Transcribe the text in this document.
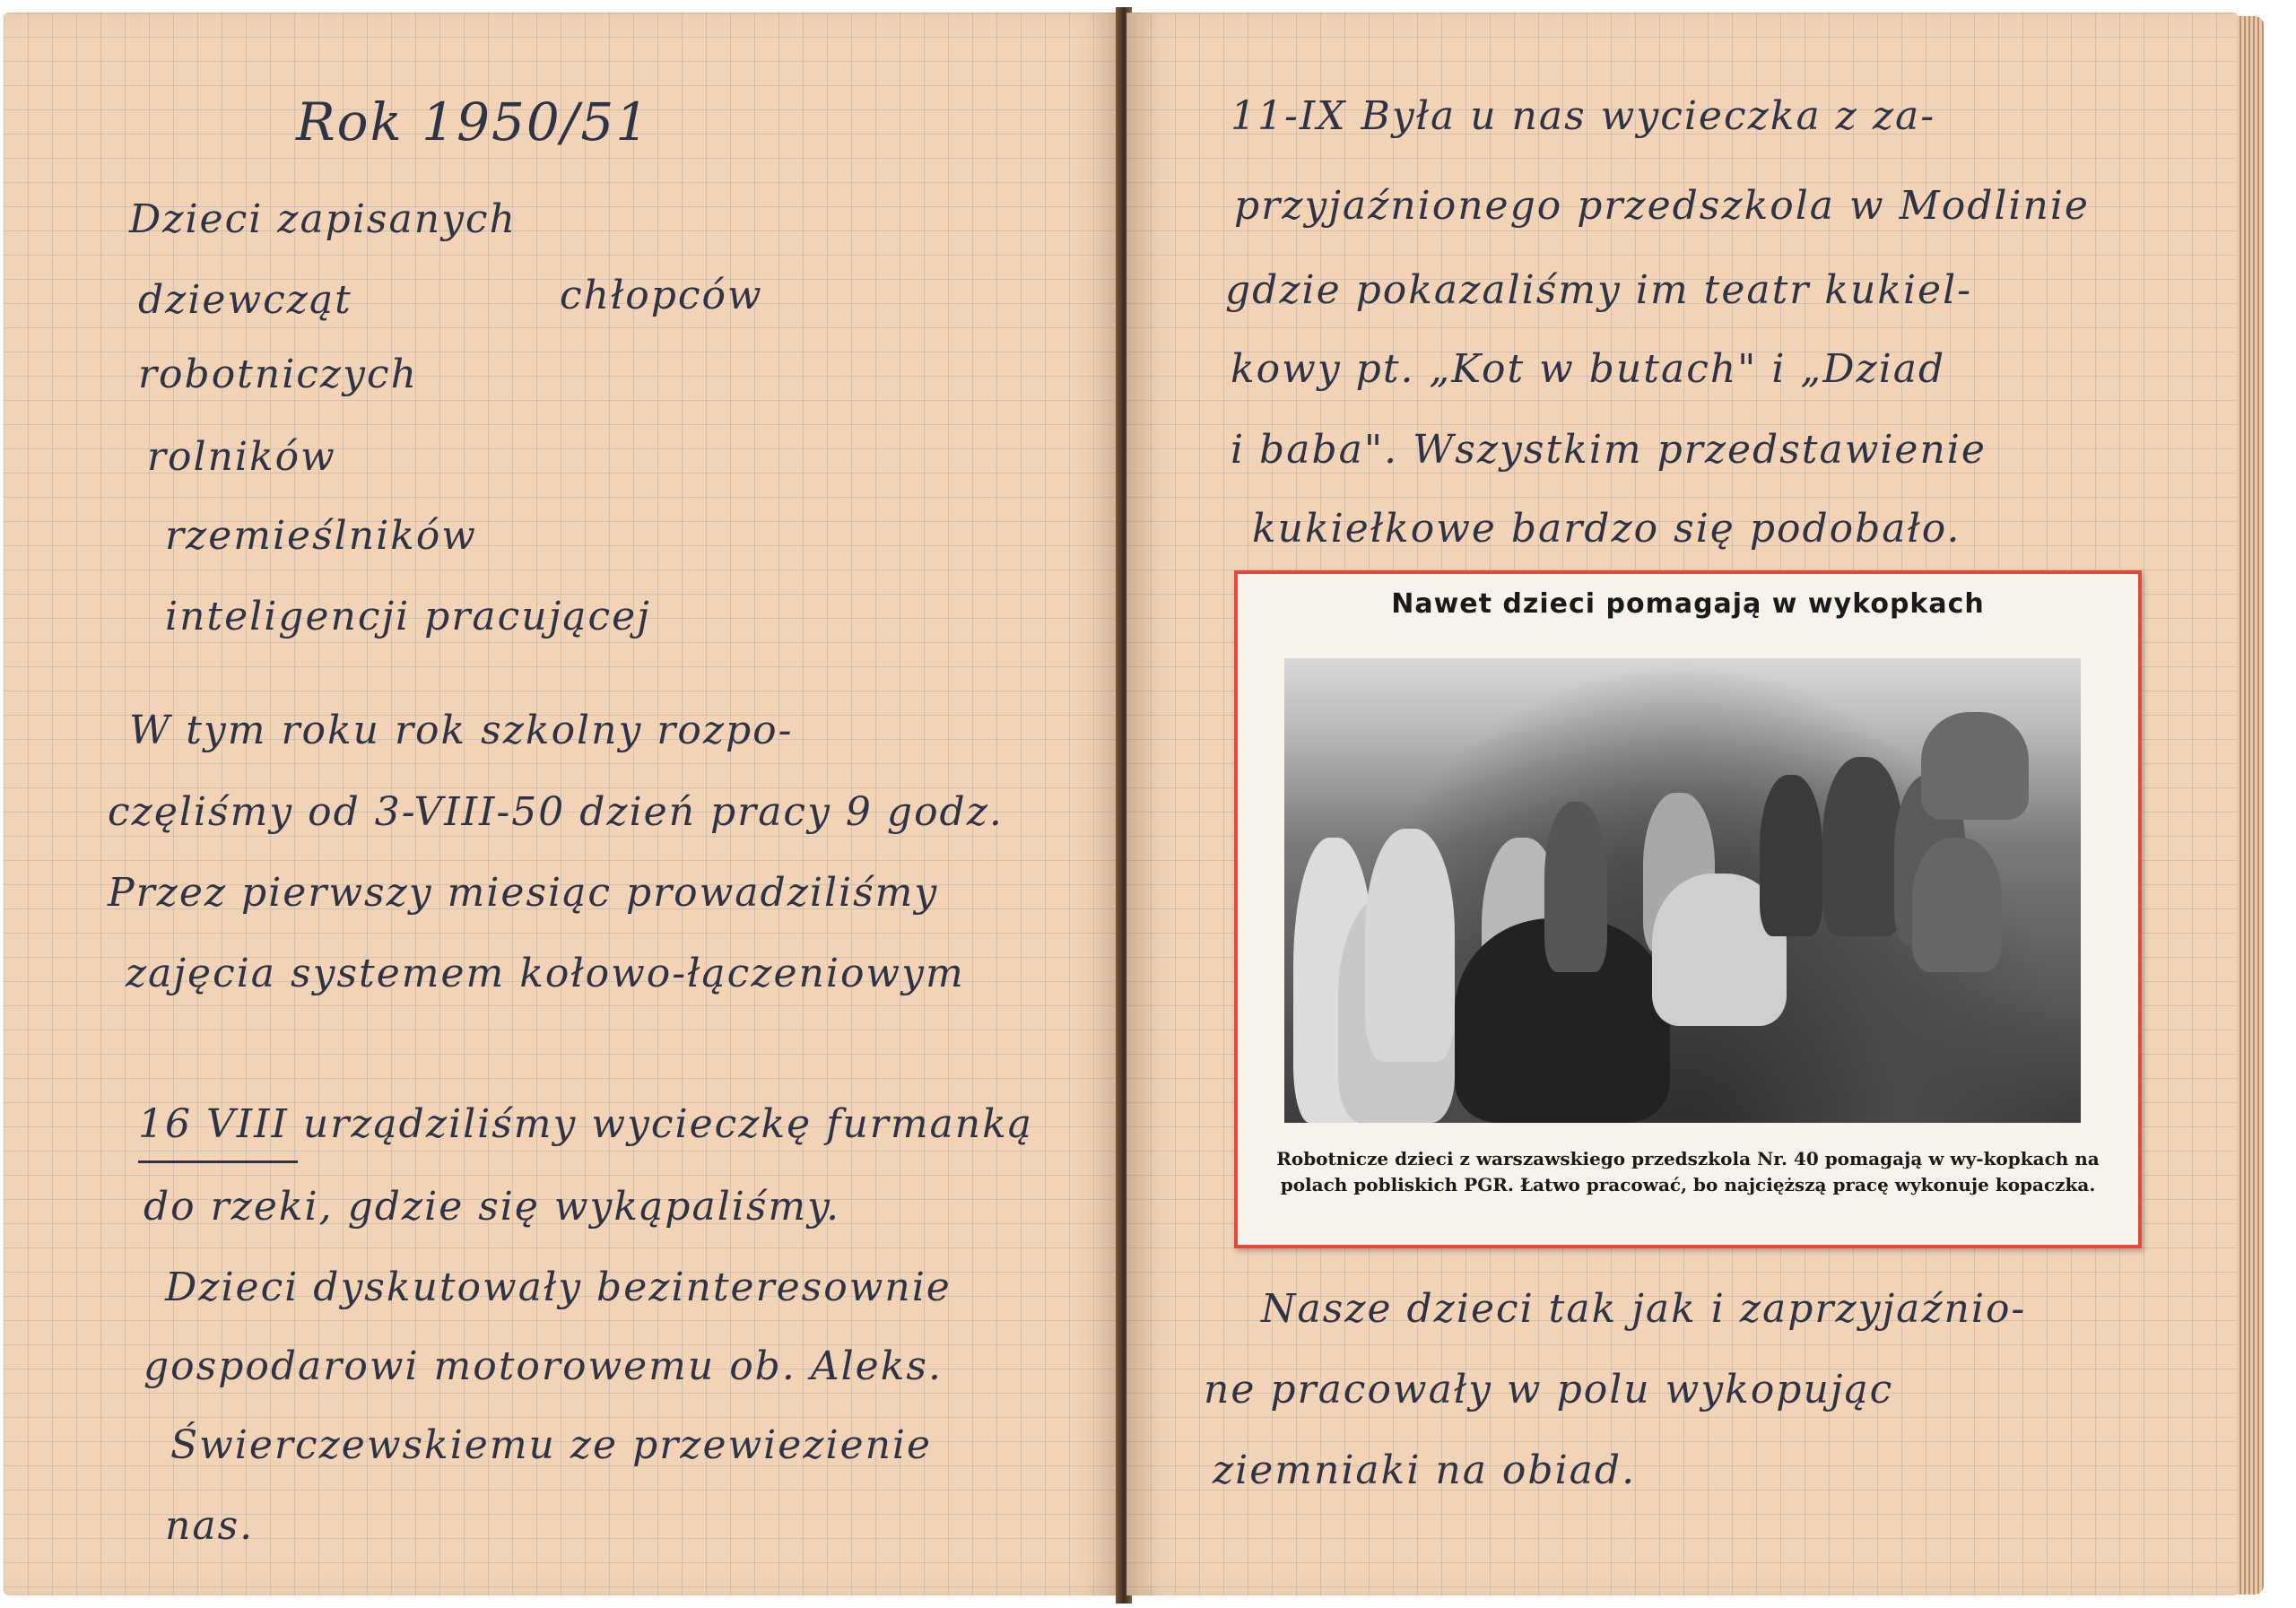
Rok 1950/51
Dzieci zapisanych
dziewcząt	chłopców
robotniczych
rolników
rzemieślników
inteligencji pracującej
W tym roku rok szkolny rozpo-
częliśmy od 3-VIII-50 dzień pracy 9 godz.
Przez pierwszy miesiąc prowadziliśmy
zajęcia systemem kołowo-łączeniowym
16 VIII urządziliśmy wycieczkę furmanką
do rzeki, gdzie się wykąpaliśmy.
Dzieci dyskutowały bezinteresownie
gospodarowi motorowemu ob. Aleks.
Świerczewskiemu ze przewiezienie
nas.
11-IX Była u nas wycieczka z za-
przyjaźnionego przedszkola w Modlinie
gdzie pokazaliśmy im teatr kukiel-
kowy pt. „Kot w butach" i „Dziad
i baba". Wszystkim przedstawienie
kukiełkowe bardzo się podobało.
Nasze dzieci tak jak i zaprzyjaźnio-
ne pracowały w polu wykopując
ziemniaki na obiad.
Nawet dzieci pomagają w wykopkach
Robotnicze dzieci z warszawskiego przedszkola Nr. 40 pomagają w wy-kopkach na polach pobliskich PGR. Łatwo pracować, bo najcięższą pracę wykonuje kopaczka.
